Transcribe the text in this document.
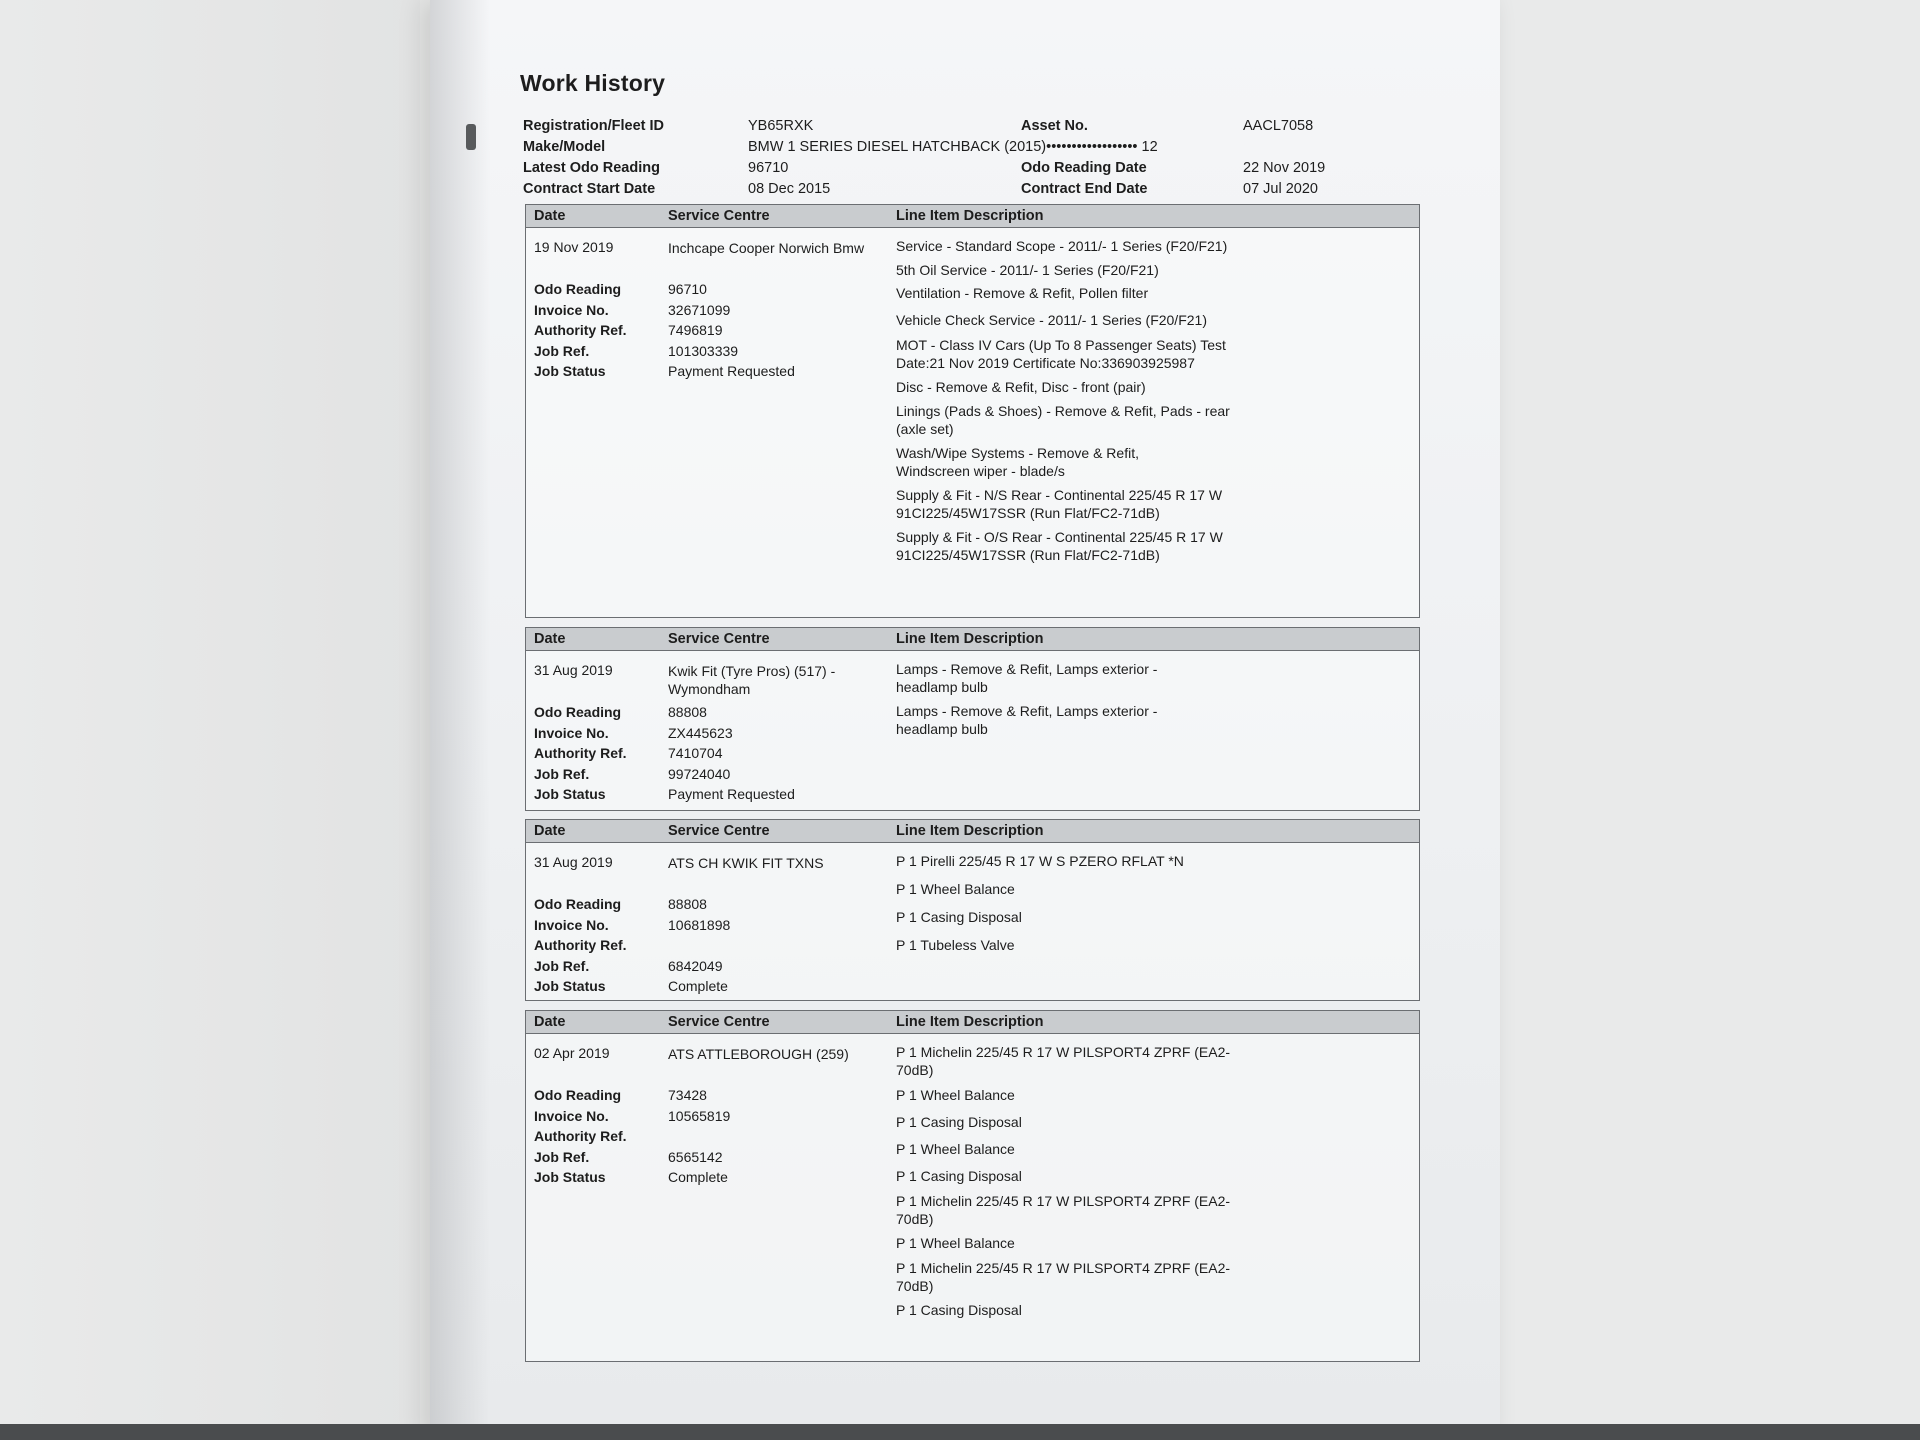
Work History
Registration/Fleet ID	YB65RXK	Asset No.	AACL7058
Make/Model	BMW 1 SERIES DIESEL HATCHBACK (2015)•••••••••••••••••• 12
Latest Odo Reading	96710	Odo Reading Date	22 Nov 2019
Contract Start Date	08 Dec 2015	Contract End Date	07 Jul 2020
Date	Service Centre	Line Item Description
19 Nov 2019	Inchcape Cooper Norwich Bmw
Odo Reading	96710
Invoice No.	32671099
Authority Ref.	7496819
Job Ref.	101303339
Job Status	Payment Requested
Service - Standard Scope - 2011/- 1 Series (F20/F21)
5th Oil Service - 2011/- 1 Series (F20/F21)
Ventilation - Remove & Refit, Pollen filter
Vehicle Check Service - 2011/- 1 Series (F20/F21)
MOT - Class IV Cars (Up To 8 Passenger Seats) Test Date:21 Nov 2019 Certificate No:336903925987
Disc - Remove & Refit, Disc - front (pair)
Linings (Pads & Shoes) - Remove & Refit, Pads - rear (axle set)
Wash/Wipe Systems - Remove & Refit, Windscreen wiper - blade/s
Supply & Fit - N/S Rear - Continental 225/45 R 17 W 91CI225/45W17SSR (Run Flat/FC2-71dB)
Supply & Fit - O/S Rear - Continental 225/45 R 17 W 91CI225/45W17SSR (Run Flat/FC2-71dB)
Date	Service Centre	Line Item Description
31 Aug 2019	Kwik Fit (Tyre Pros) (517) - Wymondham
Odo Reading	88808
Invoice No.	ZX445623
Authority Ref.	7410704
Job Ref.	99724040
Job Status	Payment Requested
Lamps - Remove & Refit, Lamps exterior - headlamp bulb
Lamps - Remove & Refit, Lamps exterior - headlamp bulb
Date	Service Centre	Line Item Description
31 Aug 2019	ATS CH KWIK FIT TXNS
Odo Reading	88808
Invoice No.	10681898
Authority Ref.
Job Ref.	6842049
Job Status	Complete
P 1 Pirelli 225/45 R 17 W S PZERO RFLAT *N
P 1 Wheel Balance
P 1 Casing Disposal
P 1 Tubeless Valve
Date	Service Centre	Line Item Description
02 Apr 2019	ATS ATTLEBOROUGH (259)
Odo Reading	73428
Invoice No.	10565819
Authority Ref.
Job Ref.	6565142
Job Status	Complete
P 1 Michelin 225/45 R 17 W PILSPORT4 ZPRF (EA2-70dB)
P 1 Wheel Balance
P 1 Casing Disposal
P 1 Wheel Balance
P 1 Casing Disposal
P 1 Michelin 225/45 R 17 W PILSPORT4 ZPRF (EA2-70dB)
P 1 Wheel Balance
P 1 Michelin 225/45 R 17 W PILSPORT4 ZPRF (EA2-70dB)
P 1 Casing Disposal
